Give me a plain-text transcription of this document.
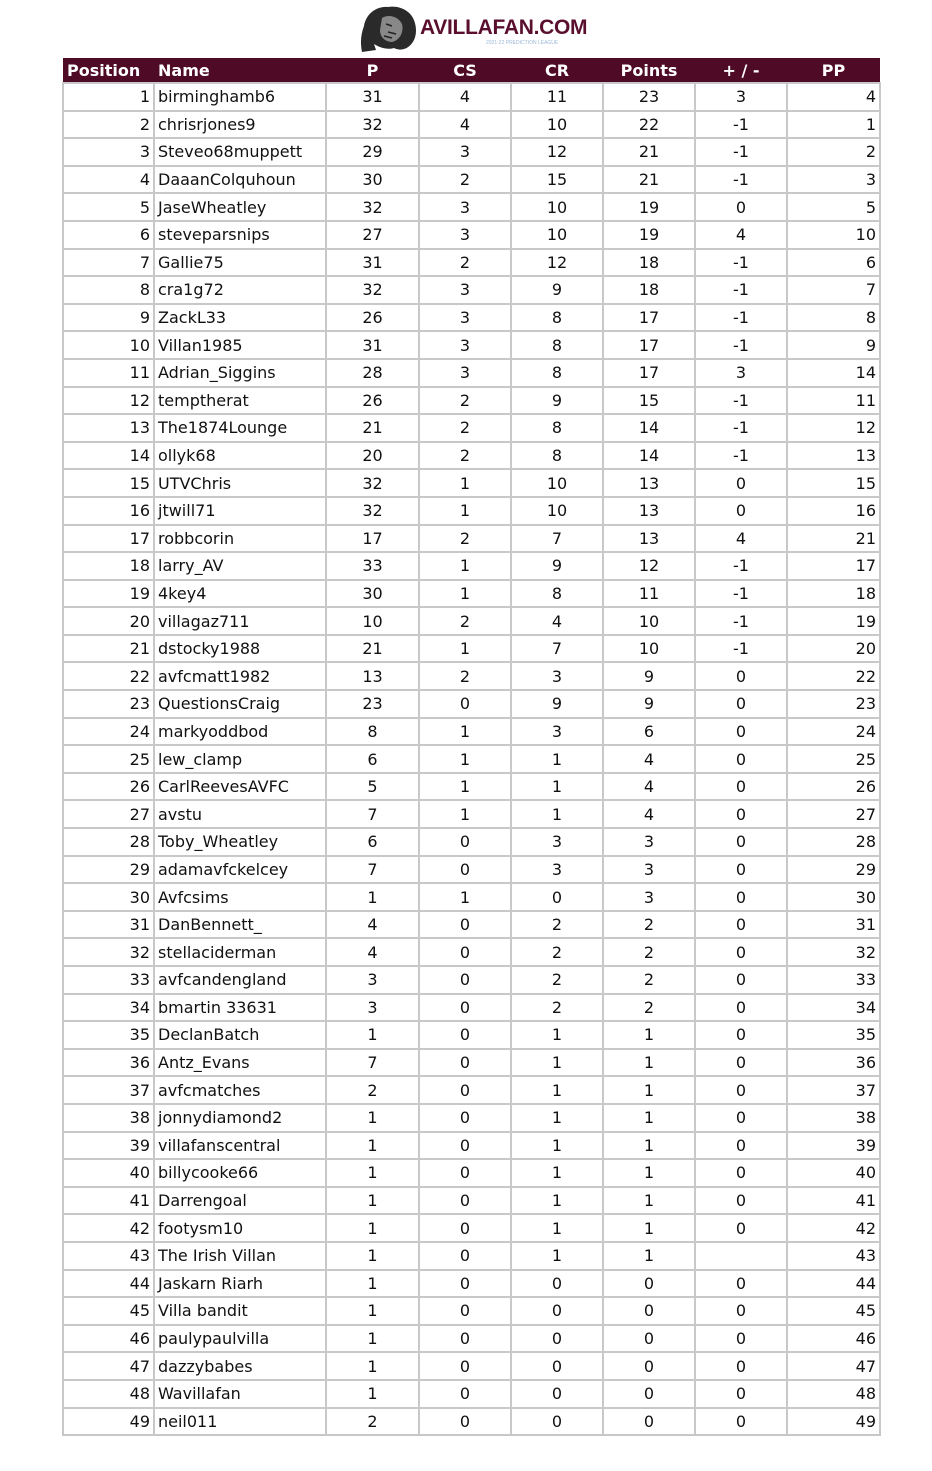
AVILLAFAN.COM
2021-22 PREDICTION LEAGUE
Position	Name	P	CS	CR	Points	+ / -	PP
1	birminghamb6	31	4	11	23	3	4
2	chrisrjones9	32	4	10	22	-1	1
3	Steveo68muppett	29	3	12	21	-1	2
4	DaaanColquhoun	30	2	15	21	-1	3
5	JaseWheatley	32	3	10	19	0	5
6	steveparsnips	27	3	10	19	4	10
7	Gallie75	31	2	12	18	-1	6
8	cra1g72	32	3	9	18	-1	7
9	ZackL33	26	3	8	17	-1	8
10	Villan1985	31	3	8	17	-1	9
11	Adrian_Siggins	28	3	8	17	3	14
12	temptherat	26	2	9	15	-1	11
13	The1874Lounge	21	2	8	14	-1	12
14	ollyk68	20	2	8	14	-1	13
15	UTVChris	32	1	10	13	0	15
16	jtwill71	32	1	10	13	0	16
17	robbcorin	17	2	7	13	4	21
18	larry_AV	33	1	9	12	-1	17
19	4key4	30	1	8	11	-1	18
20	villagaz711	10	2	4	10	-1	19
21	dstocky1988	21	1	7	10	-1	20
22	avfcmatt1982	13	2	3	9	0	22
23	QuestionsCraig	23	0	9	9	0	23
24	markyoddbod	8	1	3	6	0	24
25	lew_clamp	6	1	1	4	0	25
26	CarlReevesAVFC	5	1	1	4	0	26
27	avstu	7	1	1	4	0	27
28	Toby_Wheatley	6	0	3	3	0	28
29	adamavfckelcey	7	0	3	3	0	29
30	Avfcsims	1	1	0	3	0	30
31	DanBennett_	4	0	2	2	0	31
32	stellaciderman	4	0	2	2	0	32
33	avfcandengland	3	0	2	2	0	33
34	bmartin 33631	3	0	2	2	0	34
35	DeclanBatch	1	0	1	1	0	35
36	Antz_Evans	7	0	1	1	0	36
37	avfcmatches	2	0	1	1	0	37
38	jonnydiamond2	1	0	1	1	0	38
39	villafanscentral	1	0	1	1	0	39
40	billycooke66	1	0	1	1	0	40
41	Darrengoal	1	0	1	1	0	41
42	footysm10	1	0	1	1	0	42
43	The Irish Villan	1	0	1	1		43
44	Jaskarn Riarh	1	0	0	0	0	44
45	Villa bandit	1	0	0	0	0	45
46	paulypaulvilla	1	0	0	0	0	46
47	dazzybabes	1	0	0	0	0	47
48	Wavillafan	1	0	0	0	0	48
49	neil011	2	0	0	0	0	49
